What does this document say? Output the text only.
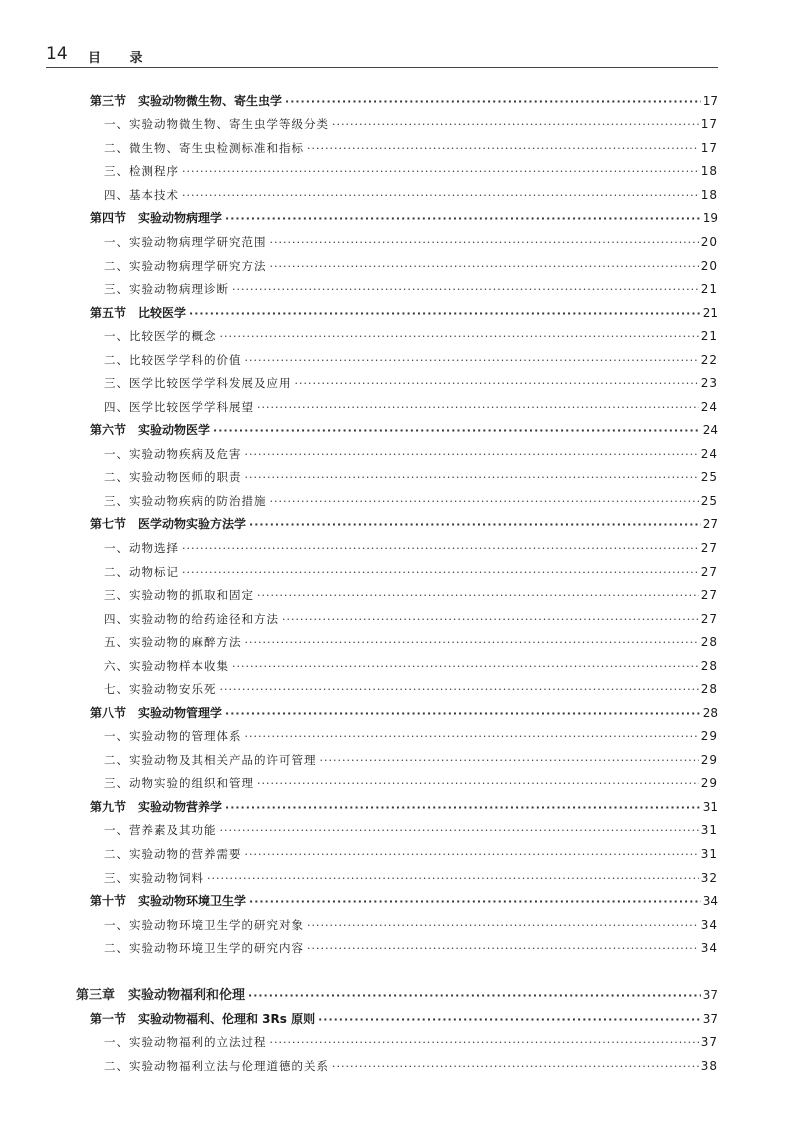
14 目 录
第三节　实验动物微生物、寄生虫学 ·····	17
一、实验动物微生物、寄生虫学等级分类 ·····	17
二、微生物、寄生虫检测标准和指标 ·····	17
三、检测程序 ·····	18
四、基本技术 ·····	18
第四节　实验动物病理学 ·····	19
一、实验动物病理学研究范围 ·····	20
二、实验动物病理学研究方法 ·····	20
三、实验动物病理诊断 ·····	21
第五节　比较医学 ·····	21
一、比较医学的概念 ·····	21
二、比较医学学科的价值 ·····	22
三、医学比较医学学科发展及应用 ·····	23
四、医学比较医学学科展望 ·····	24
第六节　实验动物医学 ·····	24
一、实验动物疾病及危害 ·····	24
二、实验动物医师的职责 ·····	25
三、实验动物疾病的防治措施 ·····	25
第七节　医学动物实验方法学 ·····	27
一、动物选择 ·····	27
二、动物标记 ·····	27
三、实验动物的抓取和固定 ·····	27
四、实验动物的给药途径和方法 ·····	27
五、实验动物的麻醉方法 ·····	28
六、实验动物样本收集 ·····	28
七、实验动物安乐死 ·····	28
第八节　实验动物管理学 ·····	28
一、实验动物的管理体系 ·····	29
二、实验动物及其相关产品的许可管理 ·····	29
三、动物实验的组织和管理 ·····	29
第九节　实验动物营养学 ·····	31
一、营养素及其功能 ·····	31
二、实验动物的营养需要 ·····	31
三、实验动物饲料 ·····	32
第十节　实验动物环境卫生学 ·····	34
一、实验动物环境卫生学的研究对象 ·····	34
二、实验动物环境卫生学的研究内容 ·····	34
第三章　实验动物福利和伦理 ·····	37
第一节　实验动物福利、伦理和 3Rs 原则 ·····	37
一、实验动物福利的立法过程 ·····	37
二、实验动物福利立法与伦理道德的关系 ·····	38
